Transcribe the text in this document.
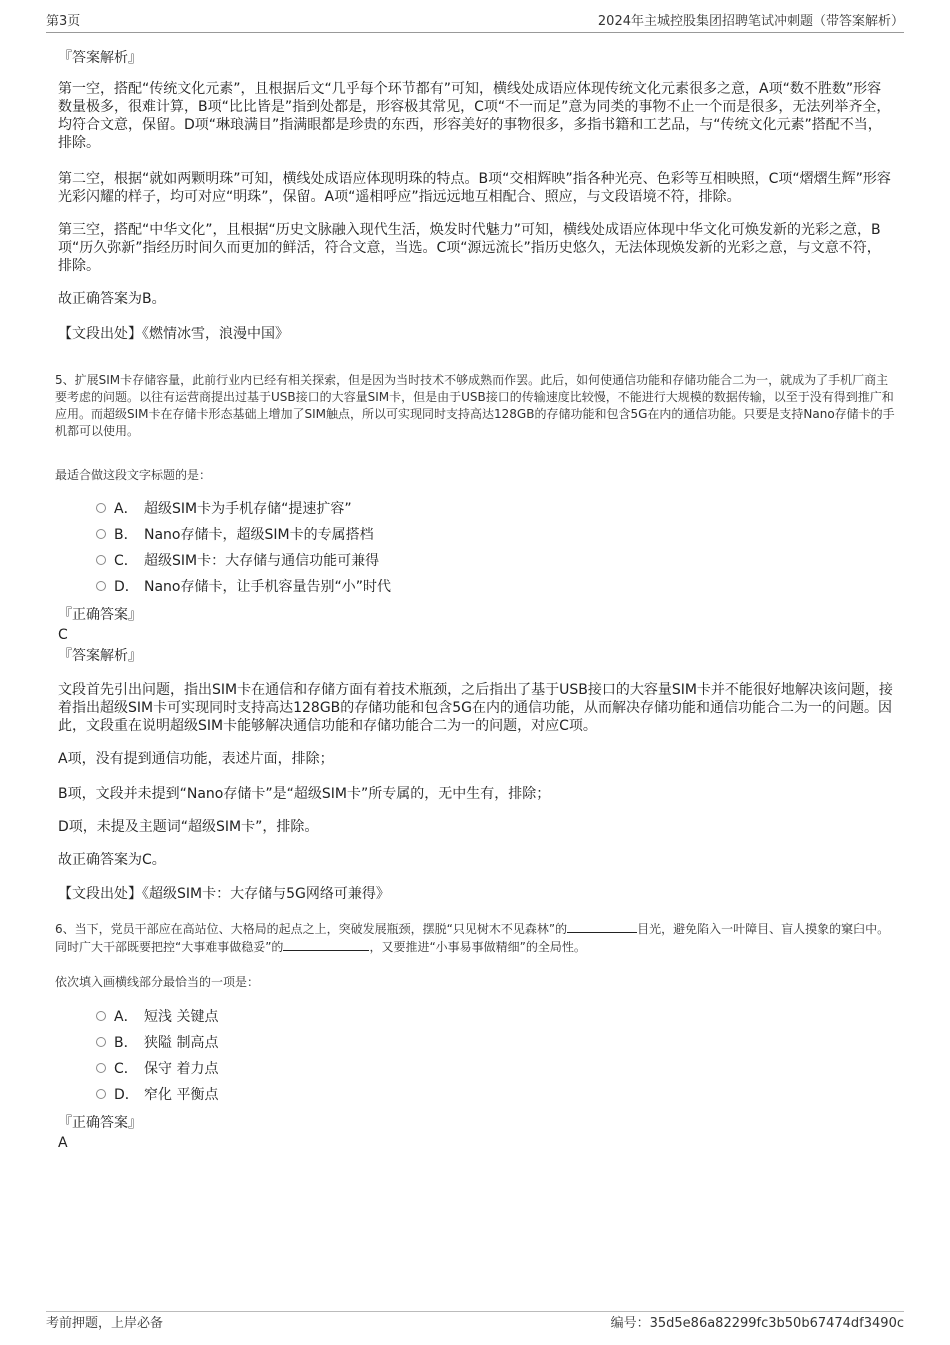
第3页	2024年主城控股集团招聘笔试冲刺题（带答案解析）
『答案解析』

第一空，搭配“传统文化元素”，且根据后文“几乎每个环节都有”可知，横线处成语应体现传统文化元素很多之意，A项“数不胜数”形容数量极多，很难计算，B项“比比皆是”指到处都是，形容极其常见，C项“不一而足”意为同类的事物不止一个而是很多，无法列举齐全，均符合文意，保留。D项“琳琅满目”指满眼都是珍贵的东西，形容美好的事物很多，多指书籍和工艺品，与“传统文化元素”搭配不当，排除。

第二空，根据“就如两颗明珠”可知，横线处成语应体现明珠的特点。B项“交相辉映”指各种光亮、色彩等互相映照，C项“熠熠生辉”形容光彩闪耀的样子，均可对应“明珠”，保留。A项“遥相呼应”指远远地互相配合、照应，与文段语境不符，排除。

第三空，搭配“中华文化”，且根据“历史文脉融入现代生活，焕发时代魅力”可知，横线处成语应体现中华文化可焕发新的光彩之意，B项“历久弥新”指经历时间久而更加的鲜活，符合文意，当选。C项“源远流长”指历史悠久，无法体现焕发新的光彩之意，与文意不符，排除。

故正确答案为B。

【文段出处】《燃情冰雪，浪漫中国》

5、扩展SIM卡存储容量，此前行业内已经有相关探索，但是因为当时技术不够成熟而作罢。此后，如何使通信功能和存储功能合二为一，就成为了手机厂商主要考虑的问题。以往有运营商提出过基于USB接口的大容量SIM卡，但是由于USB接口的传输速度比较慢，不能进行大规模的数据传输，以至于没有得到推广和应用。而超级SIM卡在存储卡形态基础上增加了SIM触点，所以可实现同时支持高达128GB的存储功能和包含5G在内的通信功能。只要是支持Nano存储卡的手机都可以使用。

最适合做这段文字标题的是：

A． 超级SIM卡为手机存储“提速扩容”
B． Nano存储卡，超级SIM卡的专属搭档
C． 超级SIM卡：大存储与通信功能可兼得
D． Nano存储卡，让手机容量告别“小”时代
『正确答案』
C
『答案解析』

文段首先引出问题，指出SIM卡在通信和存储方面有着技术瓶颈，之后指出了基于USB接口的大容量SIM卡并不能很好地解决该问题，接着指出超级SIM卡可实现同时支持高达128GB的存储功能和包含5G在内的通信功能，从而解决存储功能和通信功能合二为一的问题。因此，文段重在说明超级SIM卡能够解决通信功能和存储功能合二为一的问题，对应C项。

A项，没有提到通信功能，表述片面，排除；

B项，文段并未提到“Nano存储卡”是“超级SIM卡”所专属的，无中生有，排除；

D项，未提及主题词“超级SIM卡”，排除。

故正确答案为C。

【文段出处】《超级SIM卡：大存储与5G网络可兼得》

6、当下，党员干部应在高站位、大格局的起点之上，突破发展瓶颈，摆脱“只见树木不见森林”的	目光，避免陷入一叶障目、盲人摸象的窠臼中。同时广大干部既要把控“大事难事做稳妥”的	，又要推进“小事易事做精细”的全局性。

依次填入画横线部分最恰当的一项是：

A． 短浅 关键点
B． 狭隘 制高点
C． 保守 着力点
D． 窄化 平衡点
『正确答案』
A
考前押题，上岸必备	编号：35d5e86a82299fc3b50b67474df3490c
